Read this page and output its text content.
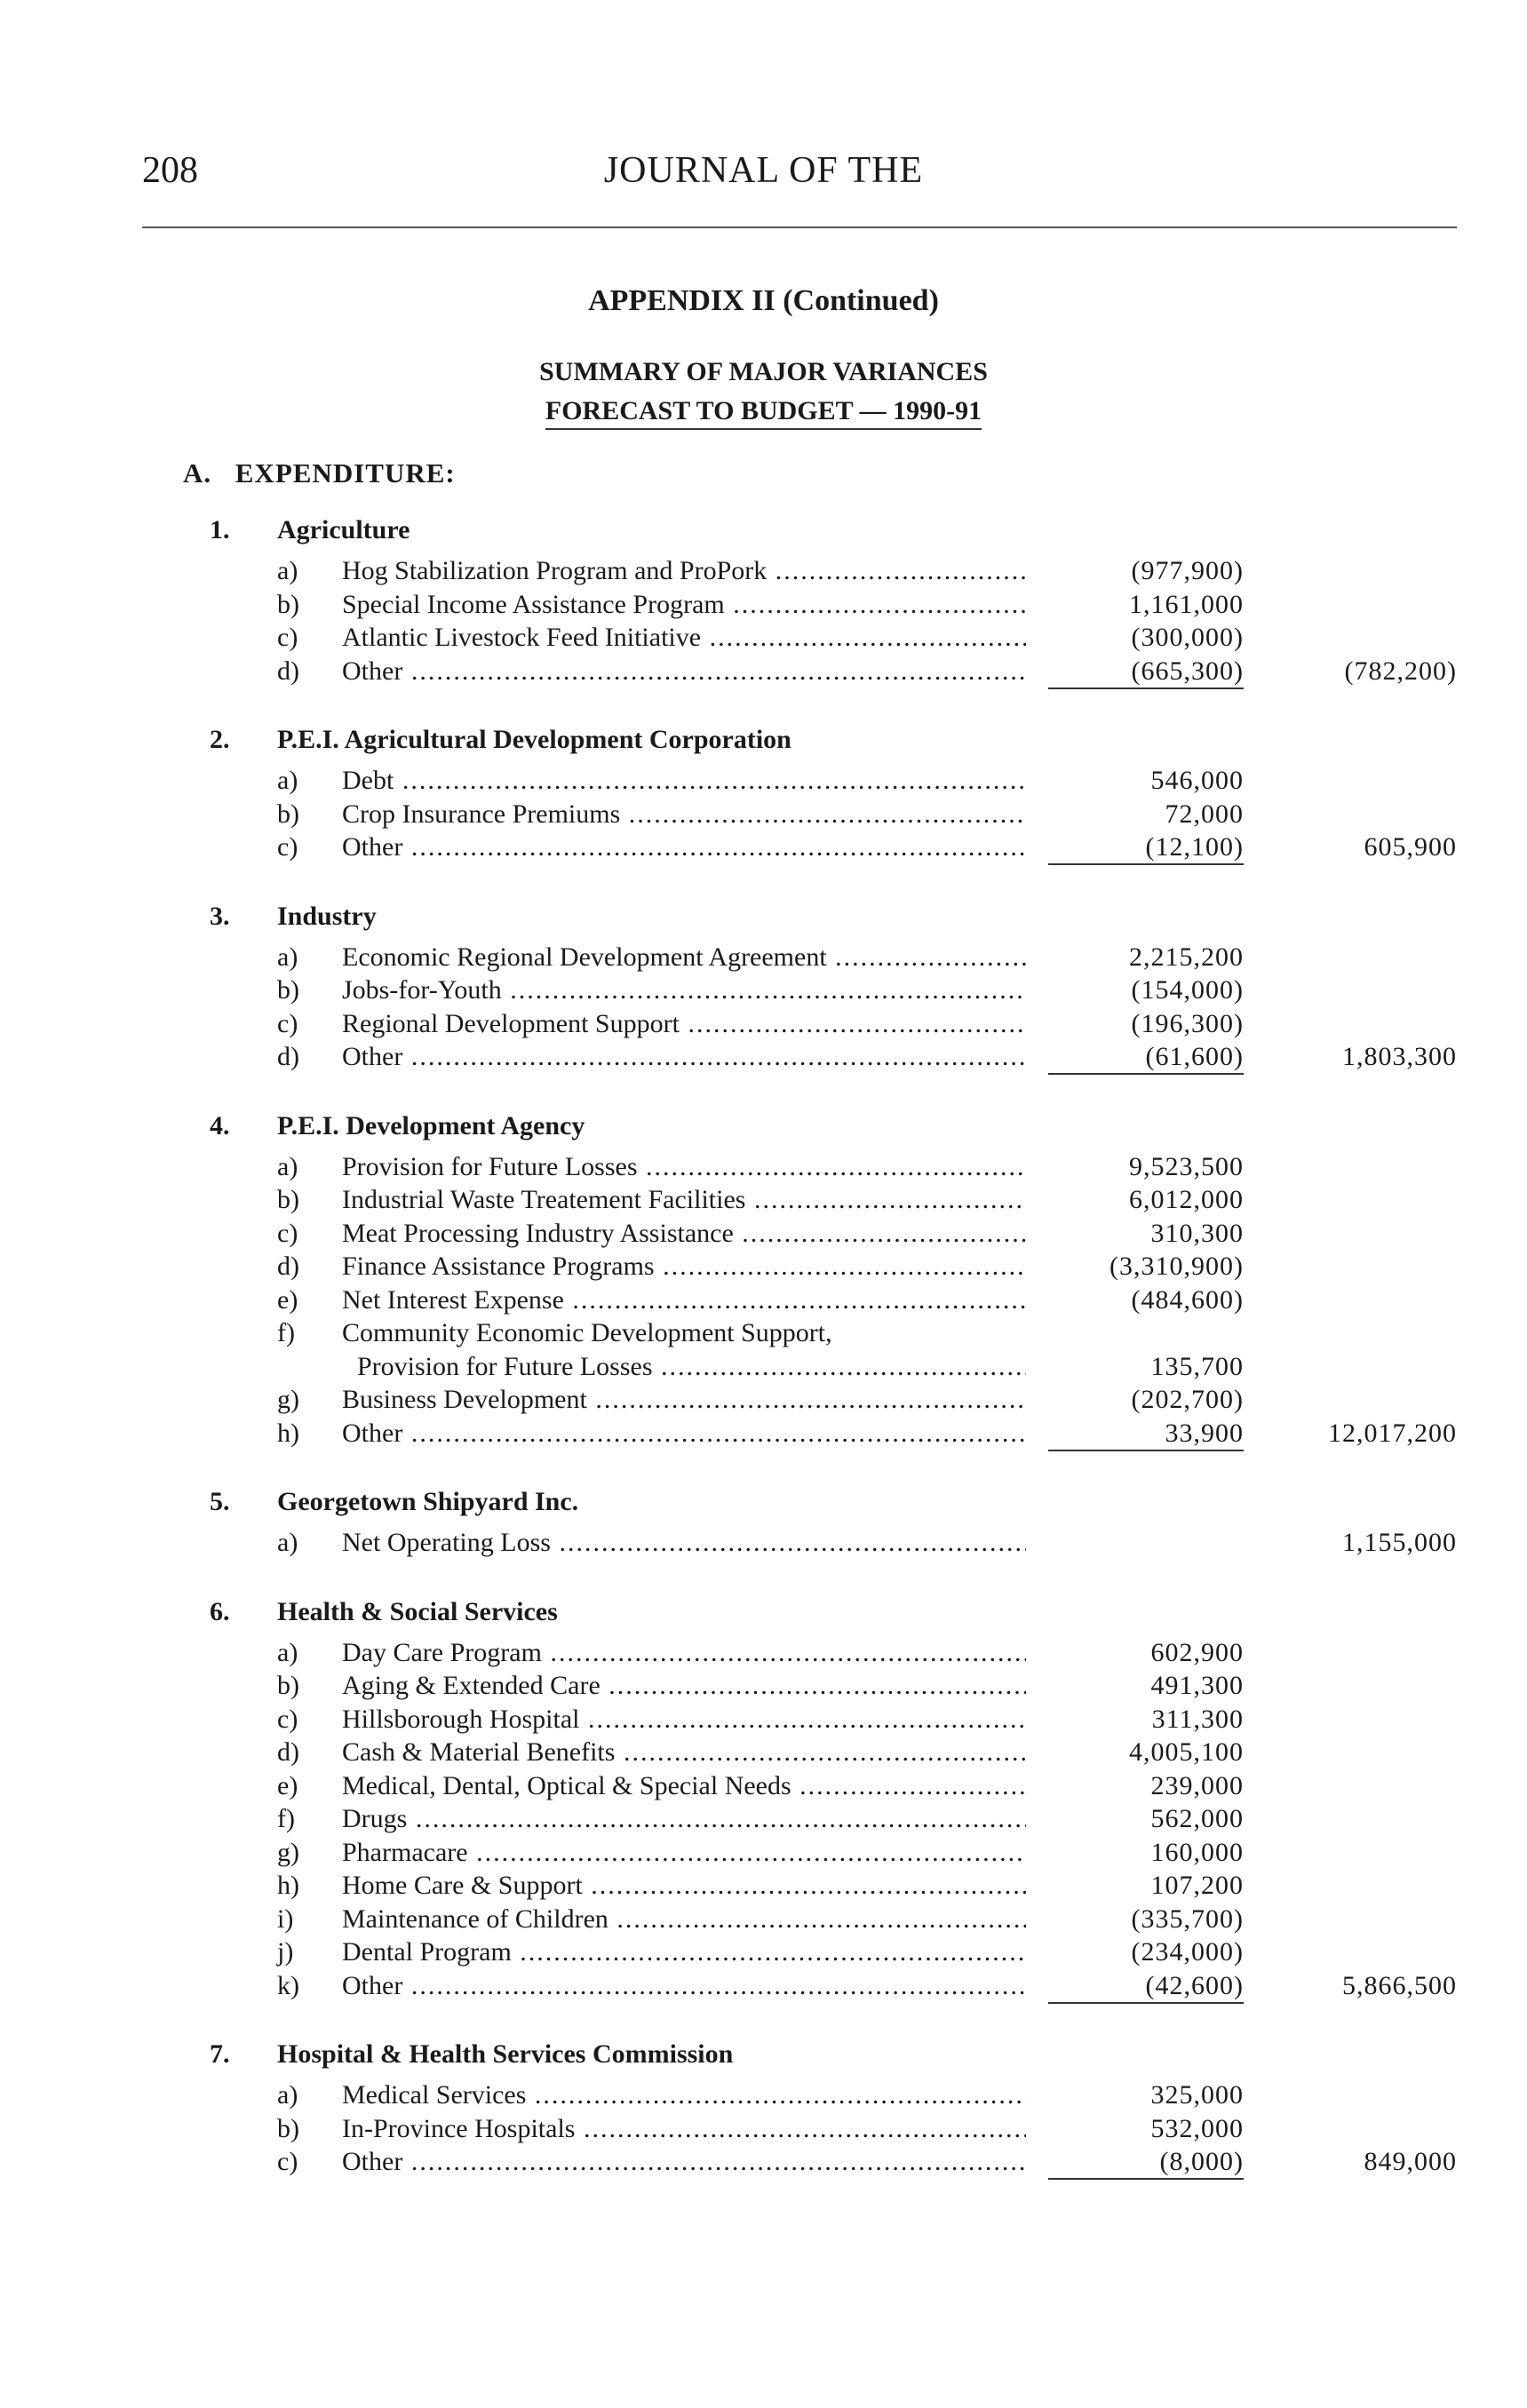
208	JOURNAL OF THE
APPENDIX II (Continued)
SUMMARY OF MAJOR VARIANCES
FORECAST TO BUDGET — 1990-91
A. EXPENDITURE:
1. Agriculture
a) Hog Stabilization Program and ProPork .....	(977,900)
b) Special Income Assistance Program .....	1,161,000
c) Atlantic Livestock Feed Initiative .....	(300,000)
d) Other .....	(665,300)	(782,200)
2. P.E.I. Agricultural Development Corporation
a) Debt .....	546,000
b) Crop Insurance Premiums .....	72,000
c) Other .....	(12,100)	605,900
3. Industry
a) Economic Regional Development Agreement .....	2,215,200
b) Jobs-for-Youth .....	(154,000)
c) Regional Development Support .....	(196,300)
d) Other .....	(61,600)	1,803,300
4. P.E.I. Development Agency
a) Provision for Future Losses .....	9,523,500
b) Industrial Waste Treatement Facilities .....	6,012,000
c) Meat Processing Industry Assistance .....	310,300
d) Finance Assistance Programs .....	(3,310,900)
e) Net Interest Expense .....	(484,600)
f) Community Economic Development Support,
Provision for Future Losses .....	135,700
g) Business Development .....	(202,700)
h) Other .....	33,900	12,017,200
5. Georgetown Shipyard Inc.
a) Net Operating Loss .....	1,155,000
6. Health & Social Services
a) Day Care Program .....	602,900
b) Aging & Extended Care .....	491,300
c) Hillsborough Hospital .....	311,300
d) Cash & Material Benefits .....	4,005,100
e) Medical, Dental, Optical & Special Needs .....	239,000
f) Drugs .....	562,000
g) Pharmacare .....	160,000
h) Home Care & Support .....	107,200
i) Maintenance of Children .....	(335,700)
j) Dental Program .....	(234,000)
k) Other .....	(42,600)	5,866,500
7. Hospital & Health Services Commission
a) Medical Services .....	325,000
b) In-Province Hospitals .....	532,000
c) Other .....	(8,000)	849,000
